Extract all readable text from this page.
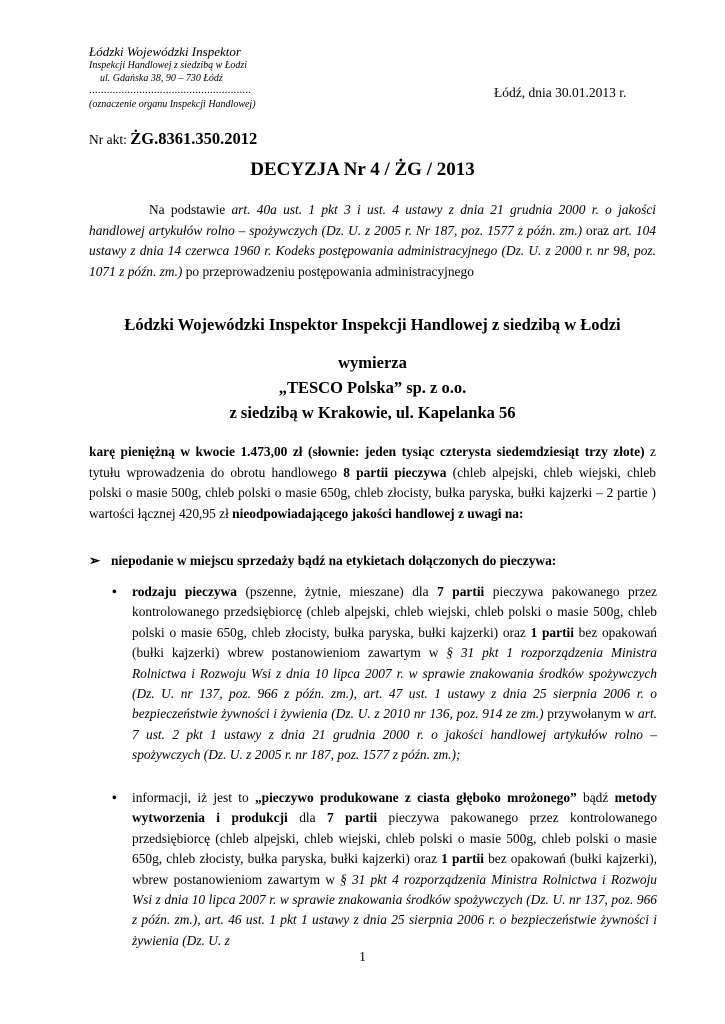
Łódzki Wojewódzki Inspektor
Inspekcji Handlowej z siedzibą w Łodzi
ul. Gdańska 38, 90 – 730 Łódź
.......................................................
(oznaczenie organu Inspekcji Handlowej)
Łódź, dnia 30.01.2013 r.
Nr akt: ŻG.8361.350.2012
DECYZJA Nr 4 / ŻG / 2013
Na podstawie art. 40a ust. 1 pkt 3 i ust. 4 ustawy z dnia 21 grudnia 2000 r. o jakości handlowej artykułów rolno – spożywczych (Dz. U. z 2005 r. Nr 187, poz. 1577 z późn. zm.) oraz art. 104 ustawy z dnia 14 czerwca 1960 r. Kodeks postępowania administracyjnego (Dz. U. z 2000 r. nr 98, poz. 1071 z późn. zm.) po przeprowadzeniu postępowania administracyjnego
Łódzki Wojewódzki Inspektor Inspekcji Handlowej z siedzibą w Łodzi
wymierza
„TESCO Polska” sp. z o.o.
z siedzibą w Krakowie, ul. Kapelanka 56
karę pieniężną w kwocie 1.473,00 zł (słownie: jeden tysiąc czterysta siedemdziesiąt trzy złote) z tytułu wprowadzenia do obrotu handlowego 8 partii pieczywa (chleb alpejski, chleb wiejski, chleb polski o masie 500g, chleb polski o masie 650g, chleb złocisty, bułka paryska, bułki kajzerki – 2 partie ) wartości łącznej 420,95 zł nieodpowiadającego jakości handlowej z uwagi na:
➢ niepodanie w miejscu sprzedaży bądź na etykietach dołączonych do pieczywa:
• rodzaju pieczywa (pszenne, żytnie, mieszane) dla 7 partii pieczywa pakowanego przez kontrolowanego przedsiębiorcę (chleb alpejski, chleb wiejski, chleb polski o masie 500g, chleb polski o masie 650g, chleb złocisty, bułka paryska, bułki kajzerki) oraz 1 partii bez opakowań (bułki kajzerki) wbrew postanowieniom zawartym w § 31 pkt 1 rozporządzenia Ministra Rolnictwa i Rozwoju Wsi z dnia 10 lipca 2007 r. w sprawie znakowania środków spożywczych (Dz. U. nr 137, poz. 966 z późn. zm.), art. 47 ust. 1 ustawy z dnia 25 sierpnia 2006 r. o bezpieczeństwie żywności i żywienia (Dz. U. z 2010 nr 136, poz. 914 ze zm.) przywołanym w art. 7 ust. 2 pkt 1 ustawy z dnia 21 grudnia 2000 r. o jakości handlowej artykułów rolno – spożywczych (Dz. U. z 2005 r. nr 187, poz. 1577 z późn. zm.);
• informacji, iż jest to „pieczywo produkowane z ciasta głęboko mrożonego” bądź metody wytworzenia i produkcji dla 7 partii pieczywa pakowanego przez kontrolowanego przedsiębiorcę (chleb alpejski, chleb wiejski, chleb polski o masie 500g, chleb polski o masie 650g, chleb złocisty, bułka paryska, bułki kajzerki) oraz 1 partii bez opakowań (bułki kajzerki), wbrew postanowieniom zawartym w § 31 pkt 4 rozporządzenia Ministra Rolnictwa i Rozwoju Wsi z dnia 10 lipca 2007 r. w sprawie znakowania środków spożywczych (Dz. U. nr 137, poz. 966 z późn. zm.), art. 46 ust. 1 pkt 1 ustawy z dnia 25 sierpnia 2006 r. o bezpieczeństwie żywności i żywienia (Dz. U. z
1
